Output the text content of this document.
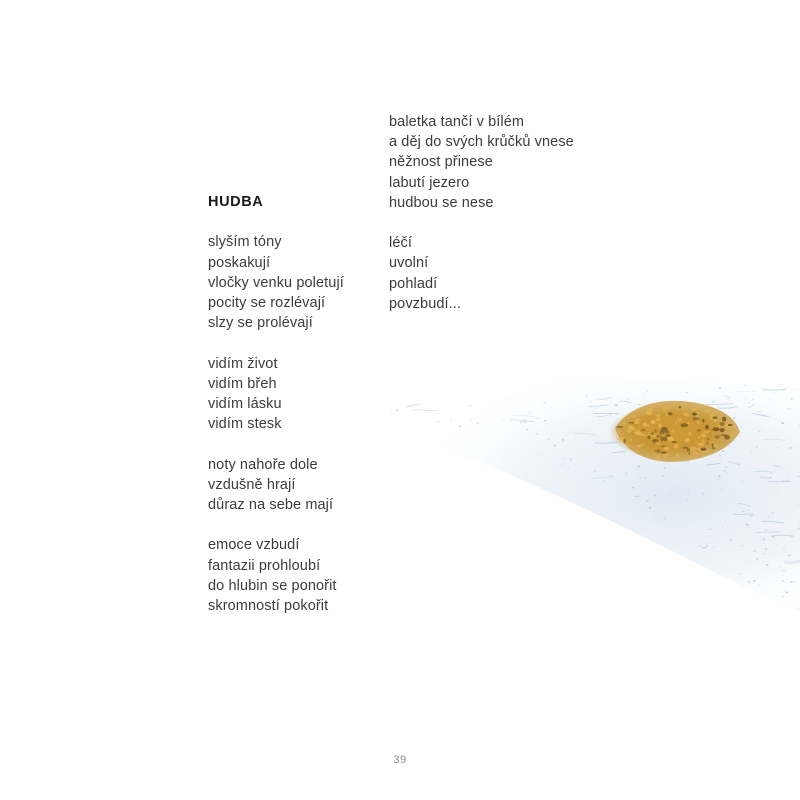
HUDBA
slyším tóny
poskakují
vločky venku poletují
pocity se rozlévají
slzy se prolévají
vidím život
vidím břeh
vidím lásku
vidím stesk
noty nahoře dole
vzdušně hrají
důraz na sebe mají
emoce vzbudí
fantazii prohloubí
do hlubin se ponořit
skromností pokořit
baletka tančí v bílém
a děj do svých krůčků vnese
něžnost přinese
labutí jezero
hudbou se nese
léčí
uvolní
pohladí
povzbudí...
39
